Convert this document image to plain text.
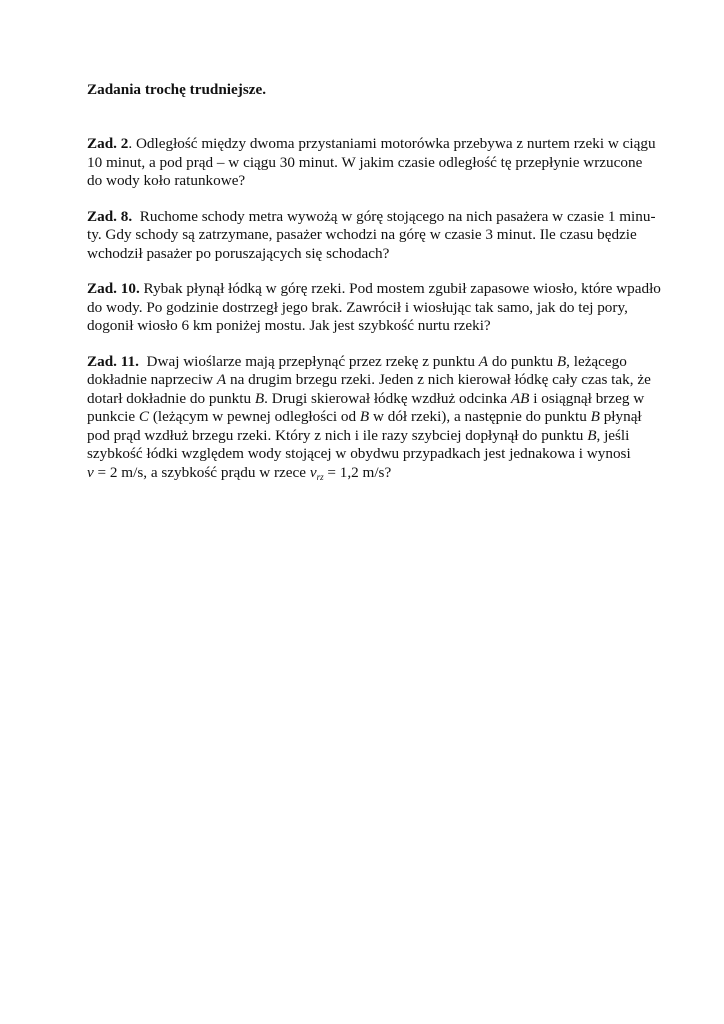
Zadania trochę trudniejsze.

Zad. 2. Odległość między dwoma przystaniami motorówka przebywa z nurtem rzeki w ciągu
10 minut, a pod prąd – w ciągu 30 minut. W jakim czasie odległość tę przepłynie wrzucone
do wody koło ratunkowe?
Zad. 8.  Ruchome schody metra wywożą w górę stojącego na nich pasażera w czasie 1 minu-
ty. Gdy schody są zatrzymane, pasażer wchodzi na górę w czasie 3 minut. Ile czasu będzie
wchodził pasażer po poruszających się schodach?
Zad. 10. Rybak płynął łódką w górę rzeki. Pod mostem zgubił zapasowe wiosło, które wpadło
do wody. Po godzinie dostrzegł jego brak. Zawrócił i wiosłując tak samo, jak do tej pory,
dogonił wiosło 6 km poniżej mostu. Jak jest szybkość nurtu rzeki?
Zad. 11.  Dwaj wioślarze mają przepłynąć przez rzekę z punktu A do punktu B, leżącego
dokładnie naprzeciw A na drugim brzegu rzeki. Jeden z nich kierował łódkę cały czas tak, że
dotarł dokładnie do punktu B. Drugi skierował łódkę wzdłuż odcinka AB i osiągnął brzeg w
punkcie C (leżącym w pewnej odległości od B w dół rzeki), a następnie do punktu B płynął
pod prąd wzdłuż brzegu rzeki. Który z nich i ile razy szybciej dopłynął do punktu B, jeśli
szybkość łódki względem wody stojącej w obydwu przypadkach jest jednakowa i wynosi
v = 2 m/s, a szybkość prądu w rzece $v_{rz} = 1,2$ m/s?
